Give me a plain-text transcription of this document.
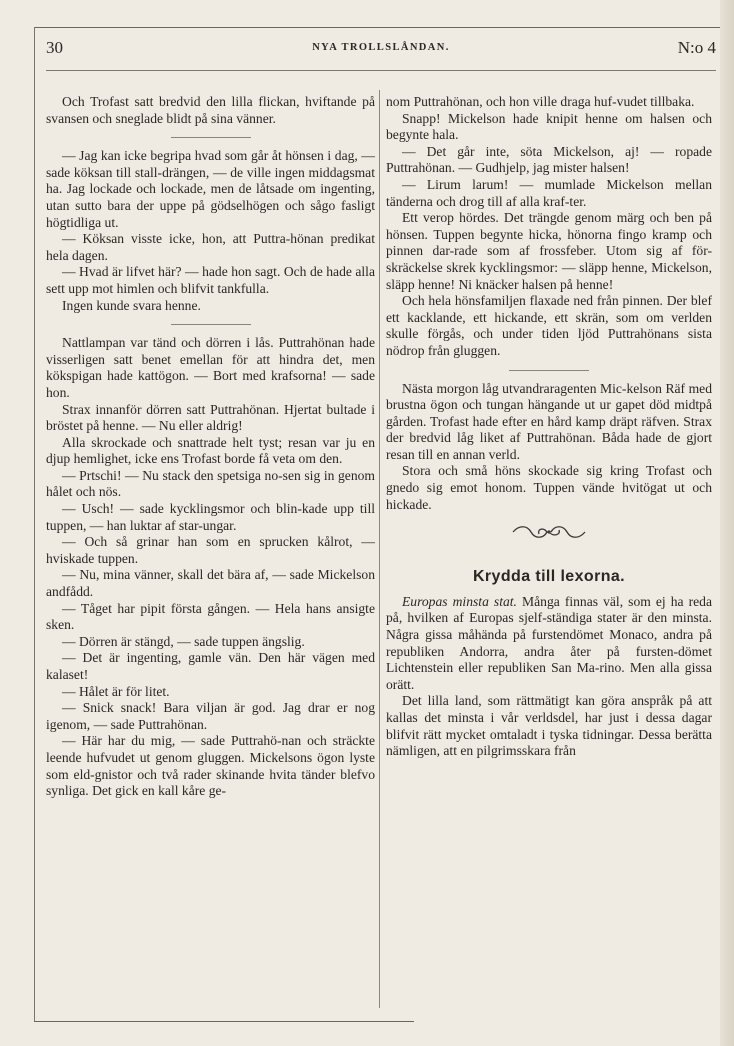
30	NYA TROLLSLÅNDAN.	N:o 4

Och Trofast satt bredvid den lilla flickan, hviftande på svansen och sneglade blidt på sina vänner.

— Jag kan icke begripa hvad som går åt hönsen i dag, — sade köksan till stall-drängen, — de ville ingen middagsmat ha. Jag lockade och lockade, men de låtsade om ingenting, utan sutto bara der uppe på gödselhögen och sågo fasligt högtidliga ut.

— Köksan visste icke, hon, att Puttra-hönan predikat hela dagen.

— Hvad är lifvet här? — hade hon sagt. Och de hade alla sett upp mot himlen och blifvit tankfulla.

Ingen kunde svara henne.

Nattlampan var tänd och dörren i lås. Puttrahönan hade visserligen satt benet emellan för att hindra det, men kökspigan hade kattögon. — Bort med krafsorna! — sade hon.

Strax innanför dörren satt Puttrahönan. Hjertat bultade i bröstet på henne. — Nu eller aldrig!

Alla skrockade och snattrade helt tyst; resan var ju en djup hemlighet, icke ens Trofast borde få veta om den.

— Prtschi! — Nu stack den spetsiga no-sen sig in genom hålet och nös.

— Usch! — sade kycklingsmor och blin-kade upp till tuppen, — han luktar af star-ungar.

— Och så grinar han som en sprucken kålrot, — hviskade tuppen.

— Nu, mina vänner, skall det bära af, — sade Mickelson andfådd.

— Tåget har pipit första gången. — Hela hans ansigte sken.

— Dörren är stängd, — sade tuppen ängslig.

— Det är ingenting, gamle vän. Den här vägen med kalaset!

— Hålet är för litet.

— Snick snack! Bara viljan är god. Jag drar er nog igenom, — sade Puttrahönan.

— Här har du mig, — sade Puttrahö-nan och sträckte leende hufvudet ut genom gluggen. Mickelsons ögon lyste som eld-gnistor och två rader skinande hvita tänder blefvo synliga. Det gick en kall kåre ge-

nom Puttrahönan, och hon ville draga huf-vudet tillbaka.

Snapp! Mickelson hade knipit henne om halsen och begynte hala.

— Det går inte, söta Mickelson, aj! — ropade Puttrahönan. — Gudhjelp, jag mister halsen!

— Lirum larum! — mumlade Mickelson mellan tänderna och drog till af alla kraf-ter.

Ett verop hördes. Det trängde genom märg och ben på hönsen. Tuppen begynte hicka, hönorna fingo kramp och pinnen dar-rade som af frossfeber. Utom sig af för-skräckelse skrek kycklingsmor: — släpp henne, Mickelson, släpp henne! Ni knäcker halsen på henne!

Och hela hönsfamiljen flaxade ned från pinnen. Der blef ett kacklande, ett hickande, ett skrän, som om verlden skulle förgås, och under tiden ljöd Puttrahönans sista nödrop från gluggen.

Nästa morgon låg utvandraragenten Mic-kelson Räf med brustna ögon och tungan hängande ut ur gapet död midtpå gården. Trofast hade efter en hård kamp dräpt räfven. Strax der bredvid låg liket af Puttrahönan. Båda hade de gjort resan till en annan verld.

Stora och små höns skockade sig kring Trofast och gnedo sig emot honom. Tuppen vände hvitögat ut och hickade.

Krydda till lexorna.

Europas minsta stat. Många finnas väl, som ej ha reda på, hvilken af Europas sjelf-ständiga stater är den minsta. Några gissa måhända på furstendömet Monaco, andra på republiken Andorra, andra åter på fursten-dömet Lichtenstein eller republiken San Ma-rino. Men alla gissa orätt.

Det lilla land, som rättmätigt kan göra anspråk på att kallas det minsta i vår verldsdel, har just i dessa dagar blifvit rätt mycket omtaladt i tyska tidningar. Dessa berätta nämligen, att en pilgrimsskara från
